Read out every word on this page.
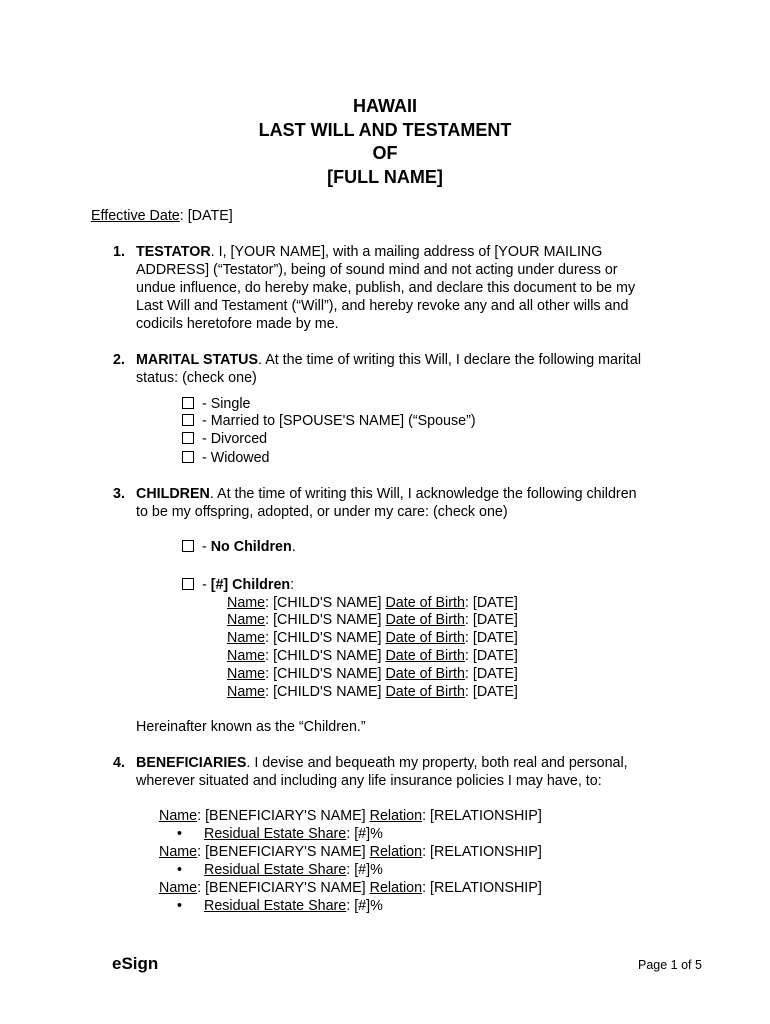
HAWAII
LAST WILL AND TESTAMENT
OF
[FULL NAME]
Effective Date: [DATE]
1. TESTATOR. I, [YOUR NAME], with a mailing address of [YOUR MAILING
ADDRESS] (“Testator”), being of sound mind and not acting under duress or
undue influence, do hereby make, publish, and declare this document to be my
Last Will and Testament (“Will”), and hereby revoke any and all other wills and
codicils heretofore made by me.
2. MARITAL STATUS. At the time of writing this Will, I declare the following marital
status: (check one)
- Single
- Married to [SPOUSE'S NAME] (“Spouse”)
- Divorced
- Widowed
3. CHILDREN. At the time of writing this Will, I acknowledge the following children
to be my offspring, adopted, or under my care: (check one)
- No Children.
- [#] Children:
Name: [CHILD'S NAME] Date of Birth: [DATE]
Name: [CHILD'S NAME] Date of Birth: [DATE]
Name: [CHILD'S NAME] Date of Birth: [DATE]
Name: [CHILD'S NAME] Date of Birth: [DATE]
Name: [CHILD'S NAME] Date of Birth: [DATE]
Name: [CHILD'S NAME] Date of Birth: [DATE]
Hereinafter known as the “Children.”
4. BENEFICIARIES. I devise and bequeath my property, both real and personal,
wherever situated and including any life insurance policies I may have, to:
Name: [BENEFICIARY'S NAME] Relation: [RELATIONSHIP]
• Residual Estate Share: [#]%
Name: [BENEFICIARY'S NAME] Relation: [RELATIONSHIP]
• Residual Estate Share: [#]%
Name: [BENEFICIARY'S NAME] Relation: [RELATIONSHIP]
• Residual Estate Share: [#]%
eSign	Page 1 of 5
